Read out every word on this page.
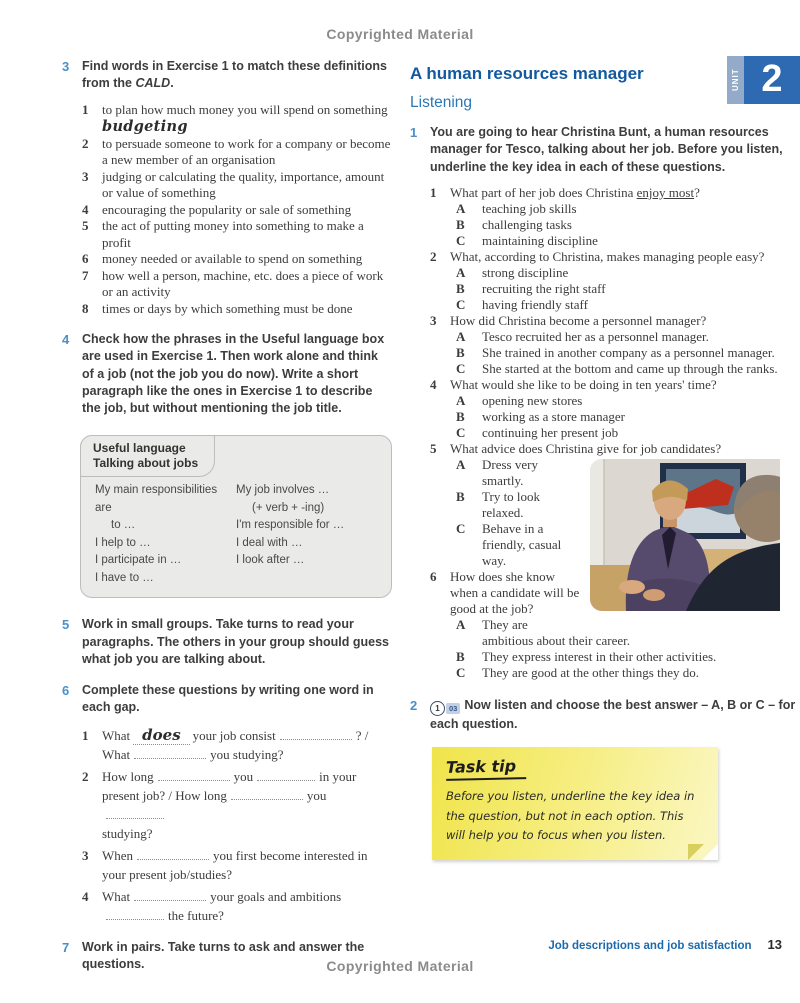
Copyrighted Material
UNIT 2
3 Find words in Exercise 1 to match these definitions from the CALD.

1 to plan how much money you will spend on something budgeting
2 to persuade someone to work for a company or become a new member of an organisation
3 judging or calculating the quality, importance, amount or value of something
4 encouraging the popularity or sale of something
5 the act of putting money into something to make a profit
6 money needed or available to spend on something
7 how well a person, machine, etc. does a piece of work or an activity
8 times or days by which something must be done
4 Check how the phrases in the Useful language box are used in Exercise 1. Then work alone and think of a job (not the job you do now). Write a short paragraph like the ones in Exercise 1 to describe the job, but without mentioning the job title.

Useful language
Talking about jobs
My main responsibilities are
to …
I help to …
I participate in …
I have to …
My job involves …
(+ verb + -ing)
I'm responsible for …
I deal with …
I look after …
5 Work in small groups. Take turns to read your paragraphs. The others in your group should guess what job you are talking about.

6 Complete these questions by writing one word in each gap.

1 What does your job consist	? /
What	you studying?
2 How long	you	in your
present job? / How long	you
studying?
3 When	you first become interested in
your present job/studies?
4 What	your goals and ambitions
the future?
7 Work in pairs. Take turns to ask and answer the questions.

A human resources manager
Listening
1 You are going to hear Christina Bunt, a human resources manager for Tesco, talking about her job. Before you listen, underline the key idea in each of these questions.

1 What part of her job does Christina enjoy most?
A teaching job skills
B challenging tasks
C maintaining discipline
2 What, according to Christina, makes managing people easy?
A strong discipline
B recruiting the right staff
C having friendly staff
3 How did Christina become a personnel manager?
A Tesco recruited her as a personnel manager.
B She trained in another company as a personnel manager.
C She started at the bottom and came up through the ranks.
4 What would she like to be doing in ten years' time?
A opening new stores
B working as a store manager
C continuing her present job
5 What advice does Christina give for job candidates?
A Dress very smartly.
B Try to look relaxed.
C Behave in a friendly, casual way.
6 How does she know when a candidate will be good at the job?
A They are ambitious about their career.
B They express interest in their other activities.
C They are good at the other things they do.
2	1	03 Now listen and choose the best answer – A, B or C – for each question.

Task tip
Before you listen, underline the key idea in the question, but not in each option. This will help you to focus when you listen.
Job descriptions and job satisfaction 13
Copyrighted Material
